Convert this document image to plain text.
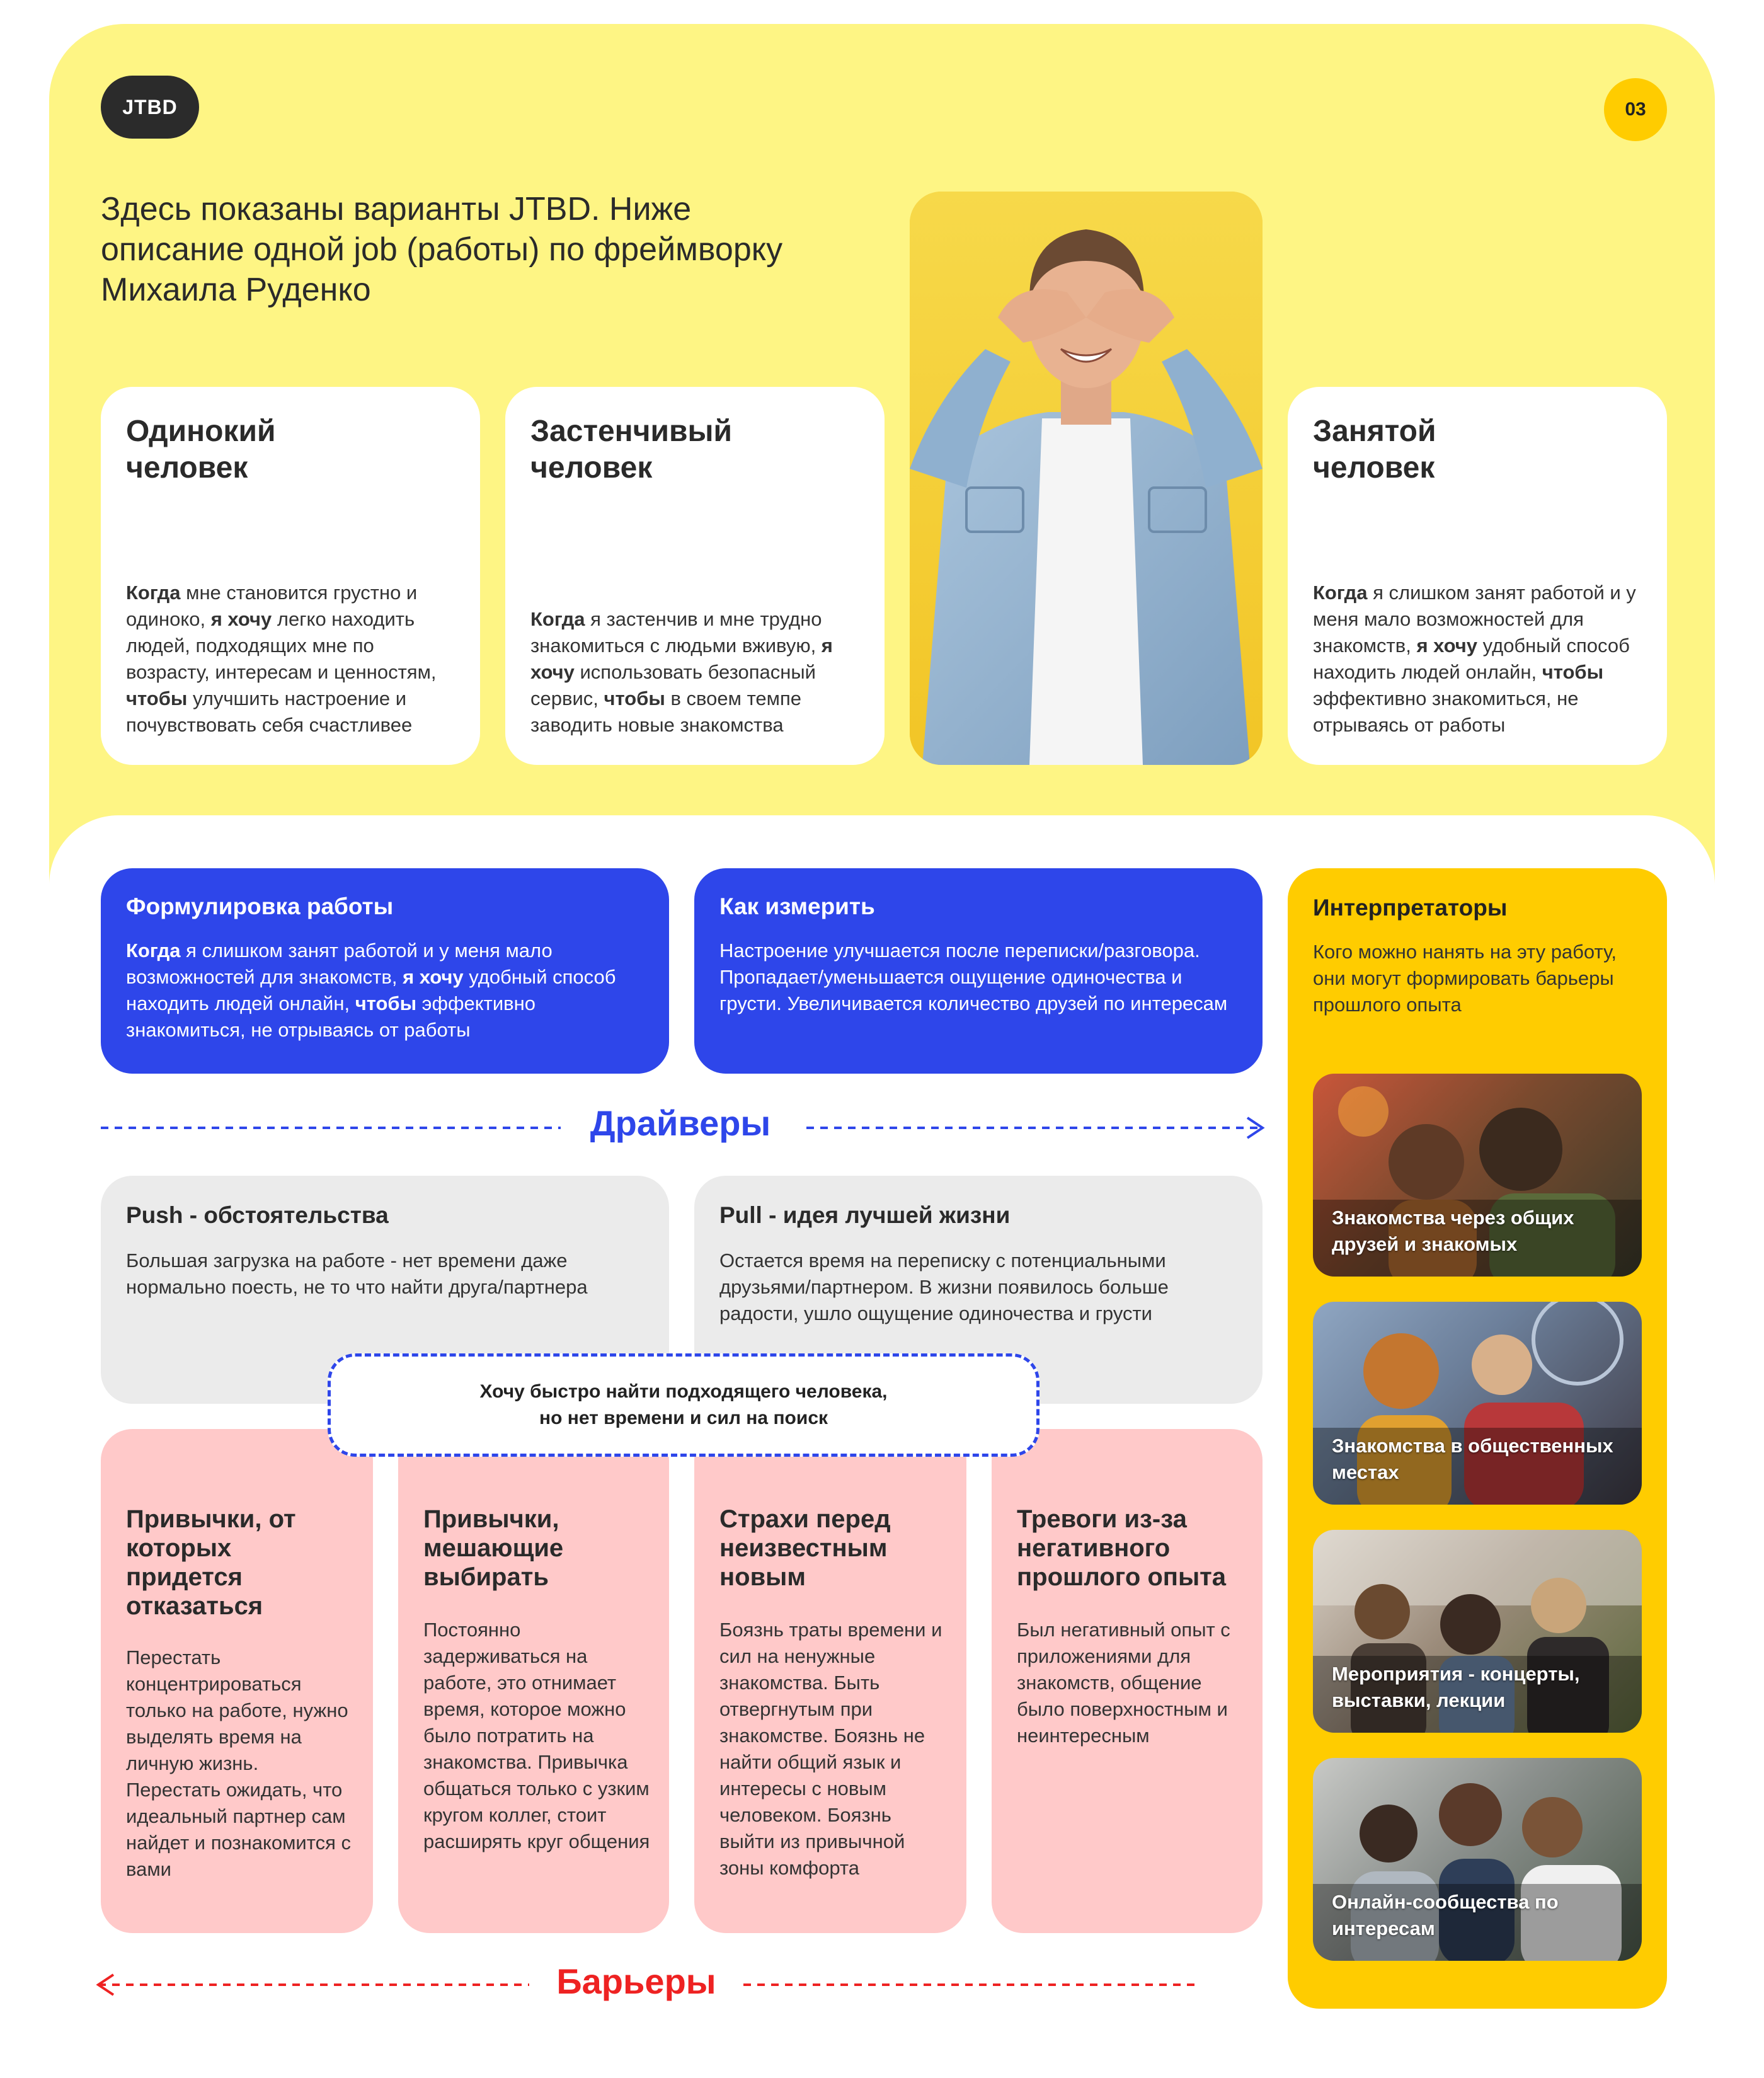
JTBD	03
Здесь показаны варианты JTBD. Ниже описание одной job (работы) по фреймворку Михаила Руденко
Одинокий
человек
Когда мне становится грустно и одиноко, я хочу легко находить людей, подходящих мне по возрасту, интересам и ценностям, чтобы улучшить настроение и почувствовать себя счастливее
Застенчивый
человек
Когда я застенчив и мне трудно знакомиться с людьми вживую, я хочу использовать безопасный сервис, чтобы в своем темпе заводить новые знакомства
Занятой
человек
Когда я слишком занят работой и у меня мало возможностей для знакомств, я хочу удобный способ находить людей онлайн, чтобы эффективно знакомиться, не отрываясь от работы
Формулировка работы
Когда я слишком занят работой и у меня мало возможностей для знакомств, я хочу удобный способ находить людей онлайн, чтобы эффективно знакомиться, не отрываясь от работы
Как измерить
Настроение улучшается после переписки/разговора. Пропадает/уменьшается ощущение одиночества и грусти. Увеличивается количество друзей по интересам
Интерпретаторы
Кого можно нанять на эту работу, они могут формировать барьеры прошлого опыта
Знакомства через общих друзей и знакомых
Знакомства в общественных местах
Мероприятия - концерты, выставки, лекции
Онлайн-сообщества по интересам
Драйверы
Push - обстоятельства
Большая загрузка на работе - нет времени даже нормально поесть, не то что найти друга/партнера
Pull - идея лучшей жизни
Остается время на переписку с потенциальными друзьями/партнером. В жизни появилось больше радости, ушло ощущение одиночества и грусти
Привычки, от
которых
придется
отказаться
Перестать концентрироваться только на работе, нужно выделять время на личную жизнь. Перестать ожидать, что идеальный партнер сам найдет и познакомится с вами
Привычки,
мешающие
выбирать
Постоянно задерживаться на работе, это отнимает время, которое можно было потратить на знакомства. Привычка общаться только с узким кругом коллег, стоит расширять круг общения
Страхи перед
неизвестным
новым
Боязнь траты времени и сил на ненужные знакомства. Быть отвергнутым при знакомстве. Боязнь не найти общий язык и интересы с новым человеком. Боязнь выйти из привычной зоны комфорта
Тревоги из-за
негативного
прошлого опыта
Был негативный опыт с приложениями для знакомств, общение было поверхностным и неинтересным
Хочу быстро найти подходящего человека,
но нет времени и сил на поиск
Барьеры
